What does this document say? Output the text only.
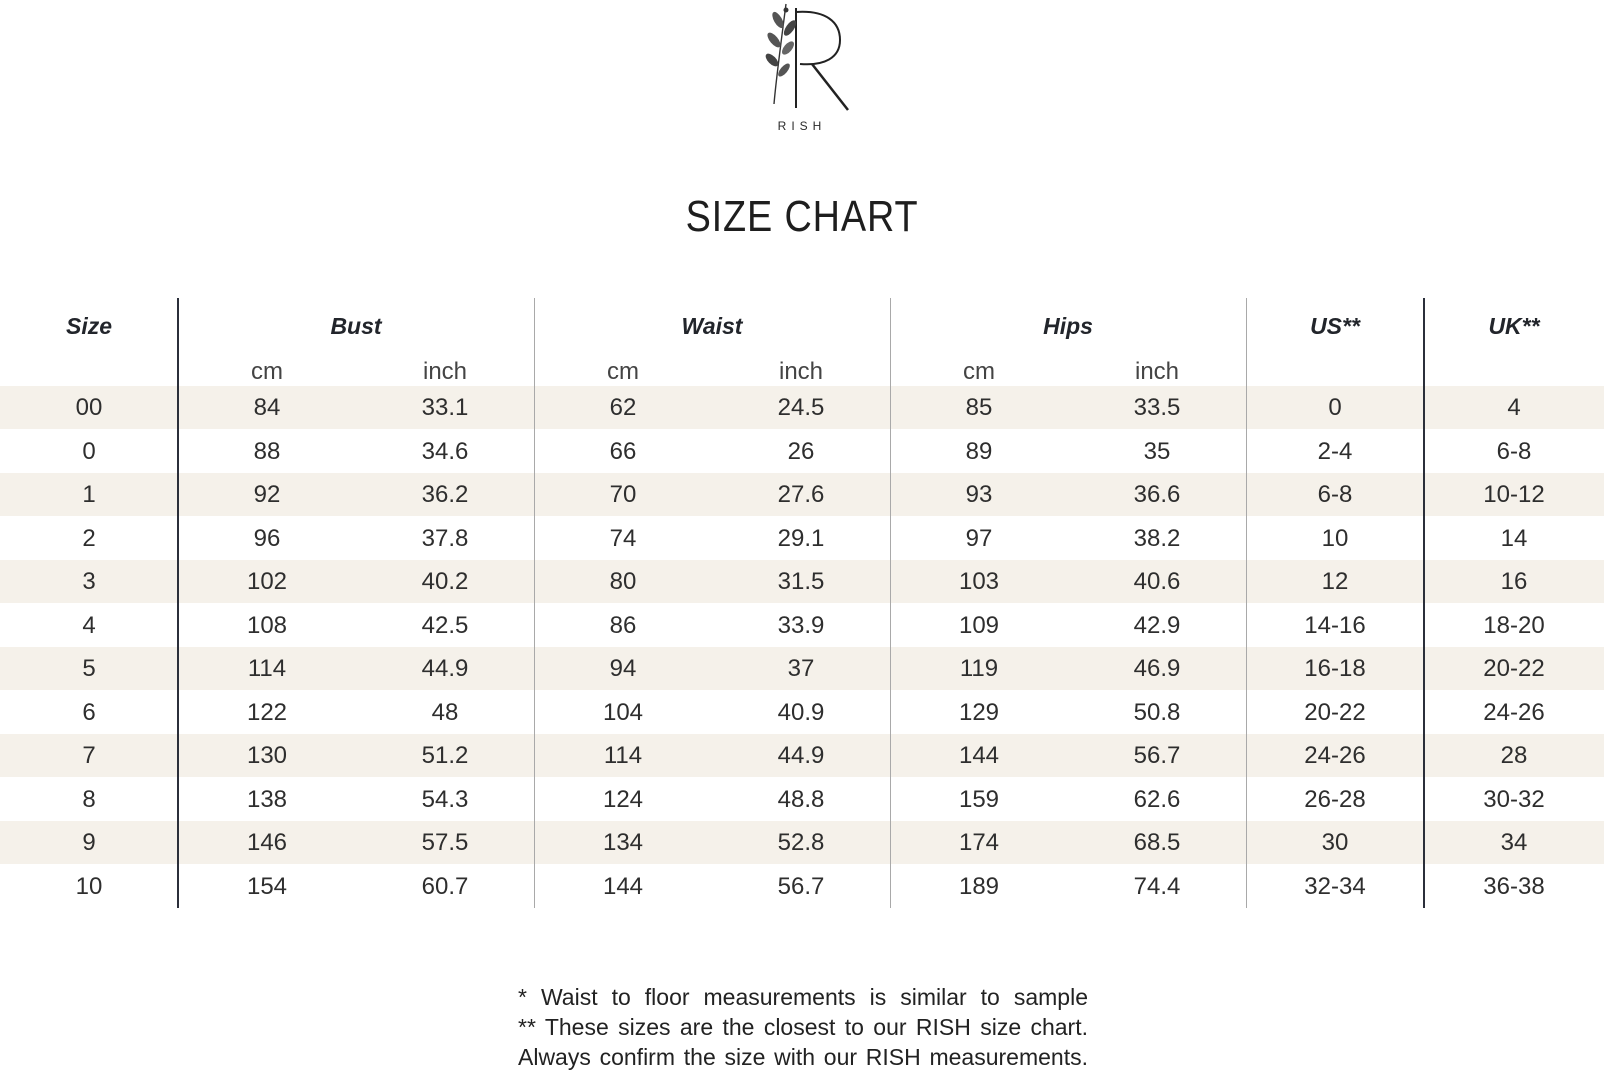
RISH
SIZE CHART
Size	Bust	Waist	Hips	US**	UK**
cm	inch	cm	inch	cm	inch
00	84	33.1	62	24.5	85	33.5	0	4
0	88	34.6	66	26	89	35	2-4	6-8
1	92	36.2	70	27.6	93	36.6	6-8	10-12
2	96	37.8	74	29.1	97	38.2	10	14
3	102	40.2	80	31.5	103	40.6	12	16
4	108	42.5	86	33.9	109	42.9	14-16	18-20
5	114	44.9	94	37	119	46.9	16-18	20-22
6	122	48	104	40.9	129	50.8	20-22	24-26
7	130	51.2	114	44.9	144	56.7	24-26	28
8	138	54.3	124	48.8	159	62.6	26-28	30-32
9	146	57.5	134	52.8	174	68.5	30	34
10	154	60.7	144	56.7	189	74.4	32-34	36-38
* Waist to floor measurements is similar to sample
** These sizes are the closest to our RISH size chart.
Always confirm the size with our RISH measurements.
